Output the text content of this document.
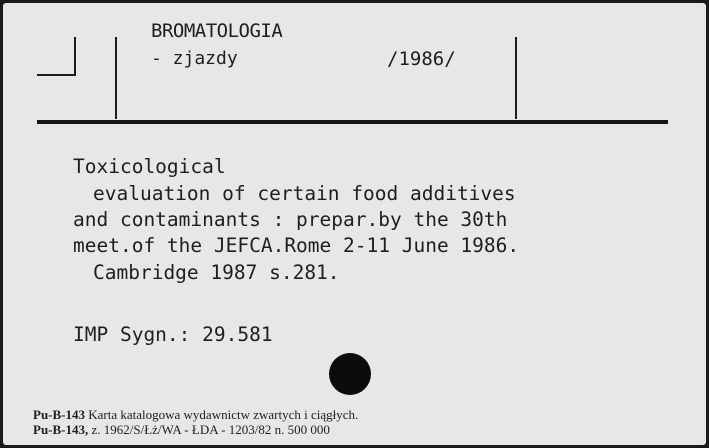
BROMATOLOGIA
- zjazdy	/1986/
Toxicological
evaluation of certain food additives
and contaminants : prepar.by the 30th
meet.of the JEFCA.Rome 2-11 June 1986.
Cambridge 1987 s.281.
IMP Sygn.: 29.581
Pu-B-143 Karta katalogowa wydawnictw zwartych i ciągłych.
Pu-B-143, z. 1962/S/Łż/WA - ŁDA - 1203/82 n. 500 000
